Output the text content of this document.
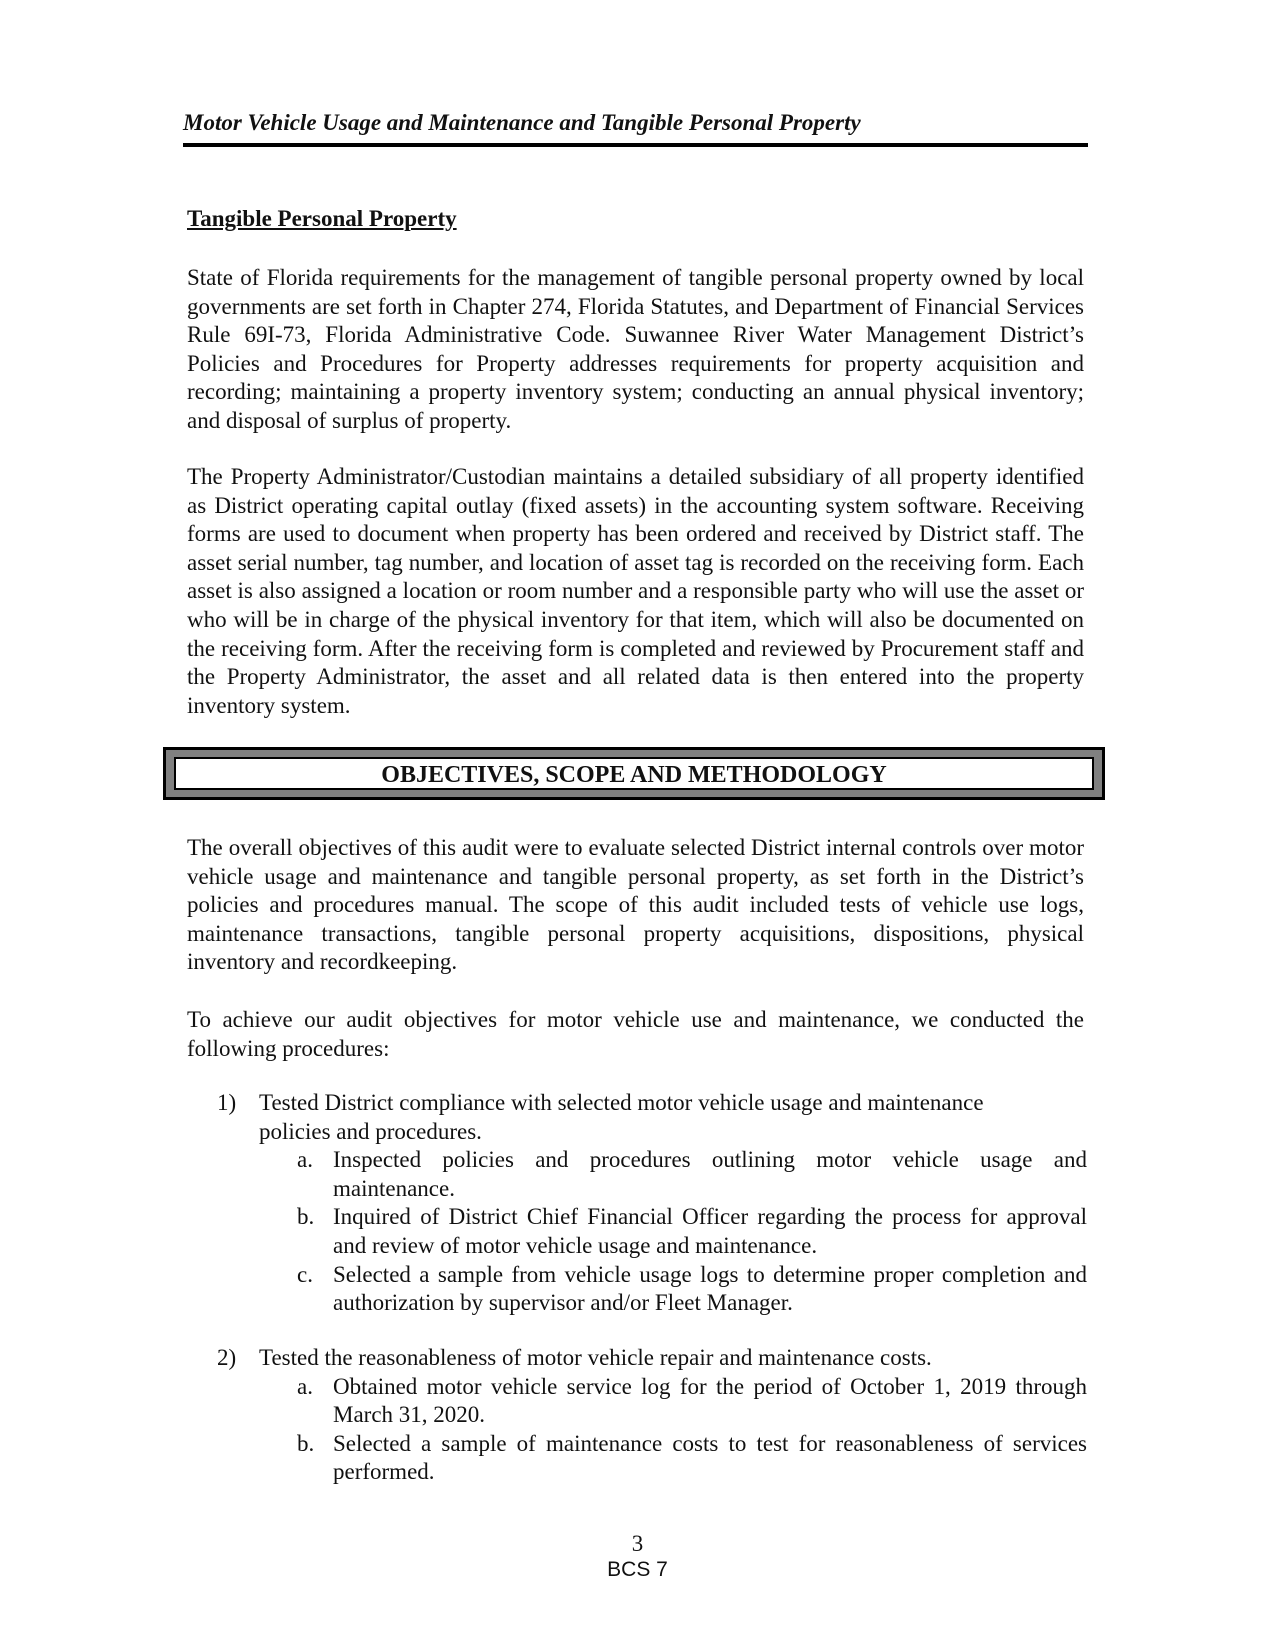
Motor Vehicle Usage and Maintenance and Tangible Personal Property
Tangible Personal Property

State of Florida requirements for the management of tangible personal property owned by local governments are set forth in Chapter 274, Florida Statutes, and Department of Financial Services Rule 69I-73, Florida Administrative Code. Suwannee River Water Management District’s Policies and Procedures for Property addresses requirements for property acquisition and recording; maintaining a property inventory system; conducting an annual physical inventory; and disposal of surplus of property.

The Property Administrator/Custodian maintains a detailed subsidiary of all property identified as District operating capital outlay (fixed assets) in the accounting system software. Receiving forms are used to document when property has been ordered and received by District staff. The asset serial number, tag number, and location of asset tag is recorded on the receiving form. Each asset is also assigned a location or room number and a responsible party who will use the asset or who will be in charge of the physical inventory for that item, which will also be documented on the receiving form. After the receiving form is completed and reviewed by Procurement staff and the Property Administrator, the asset and all related data is then entered into the property inventory system.

OBJECTIVES, SCOPE AND METHODOLOGY

The overall objectives of this audit were to evaluate selected District internal controls over motor vehicle usage and maintenance and tangible personal property, as set forth in the District’s policies and procedures manual. The scope of this audit included tests of vehicle use logs, maintenance transactions, tangible personal property acquisitions, dispositions, physical inventory and recordkeeping.

To achieve our audit objectives for motor vehicle use and maintenance, we conducted the following procedures:

1) Tested District compliance with selected motor vehicle usage and maintenance policies and procedures.
a. Inspected policies and procedures outlining motor vehicle usage and maintenance.
b. Inquired of District Chief Financial Officer regarding the process for approval and review of motor vehicle usage and maintenance.
c. Selected a sample from vehicle usage logs to determine proper completion and authorization by supervisor and/or Fleet Manager.
2) Tested the reasonableness of motor vehicle repair and maintenance costs.
a. Obtained motor vehicle service log for the period of October 1, 2019 through March 31, 2020.
b. Selected a sample of maintenance costs to test for reasonableness of services performed.
3
BCS 7
